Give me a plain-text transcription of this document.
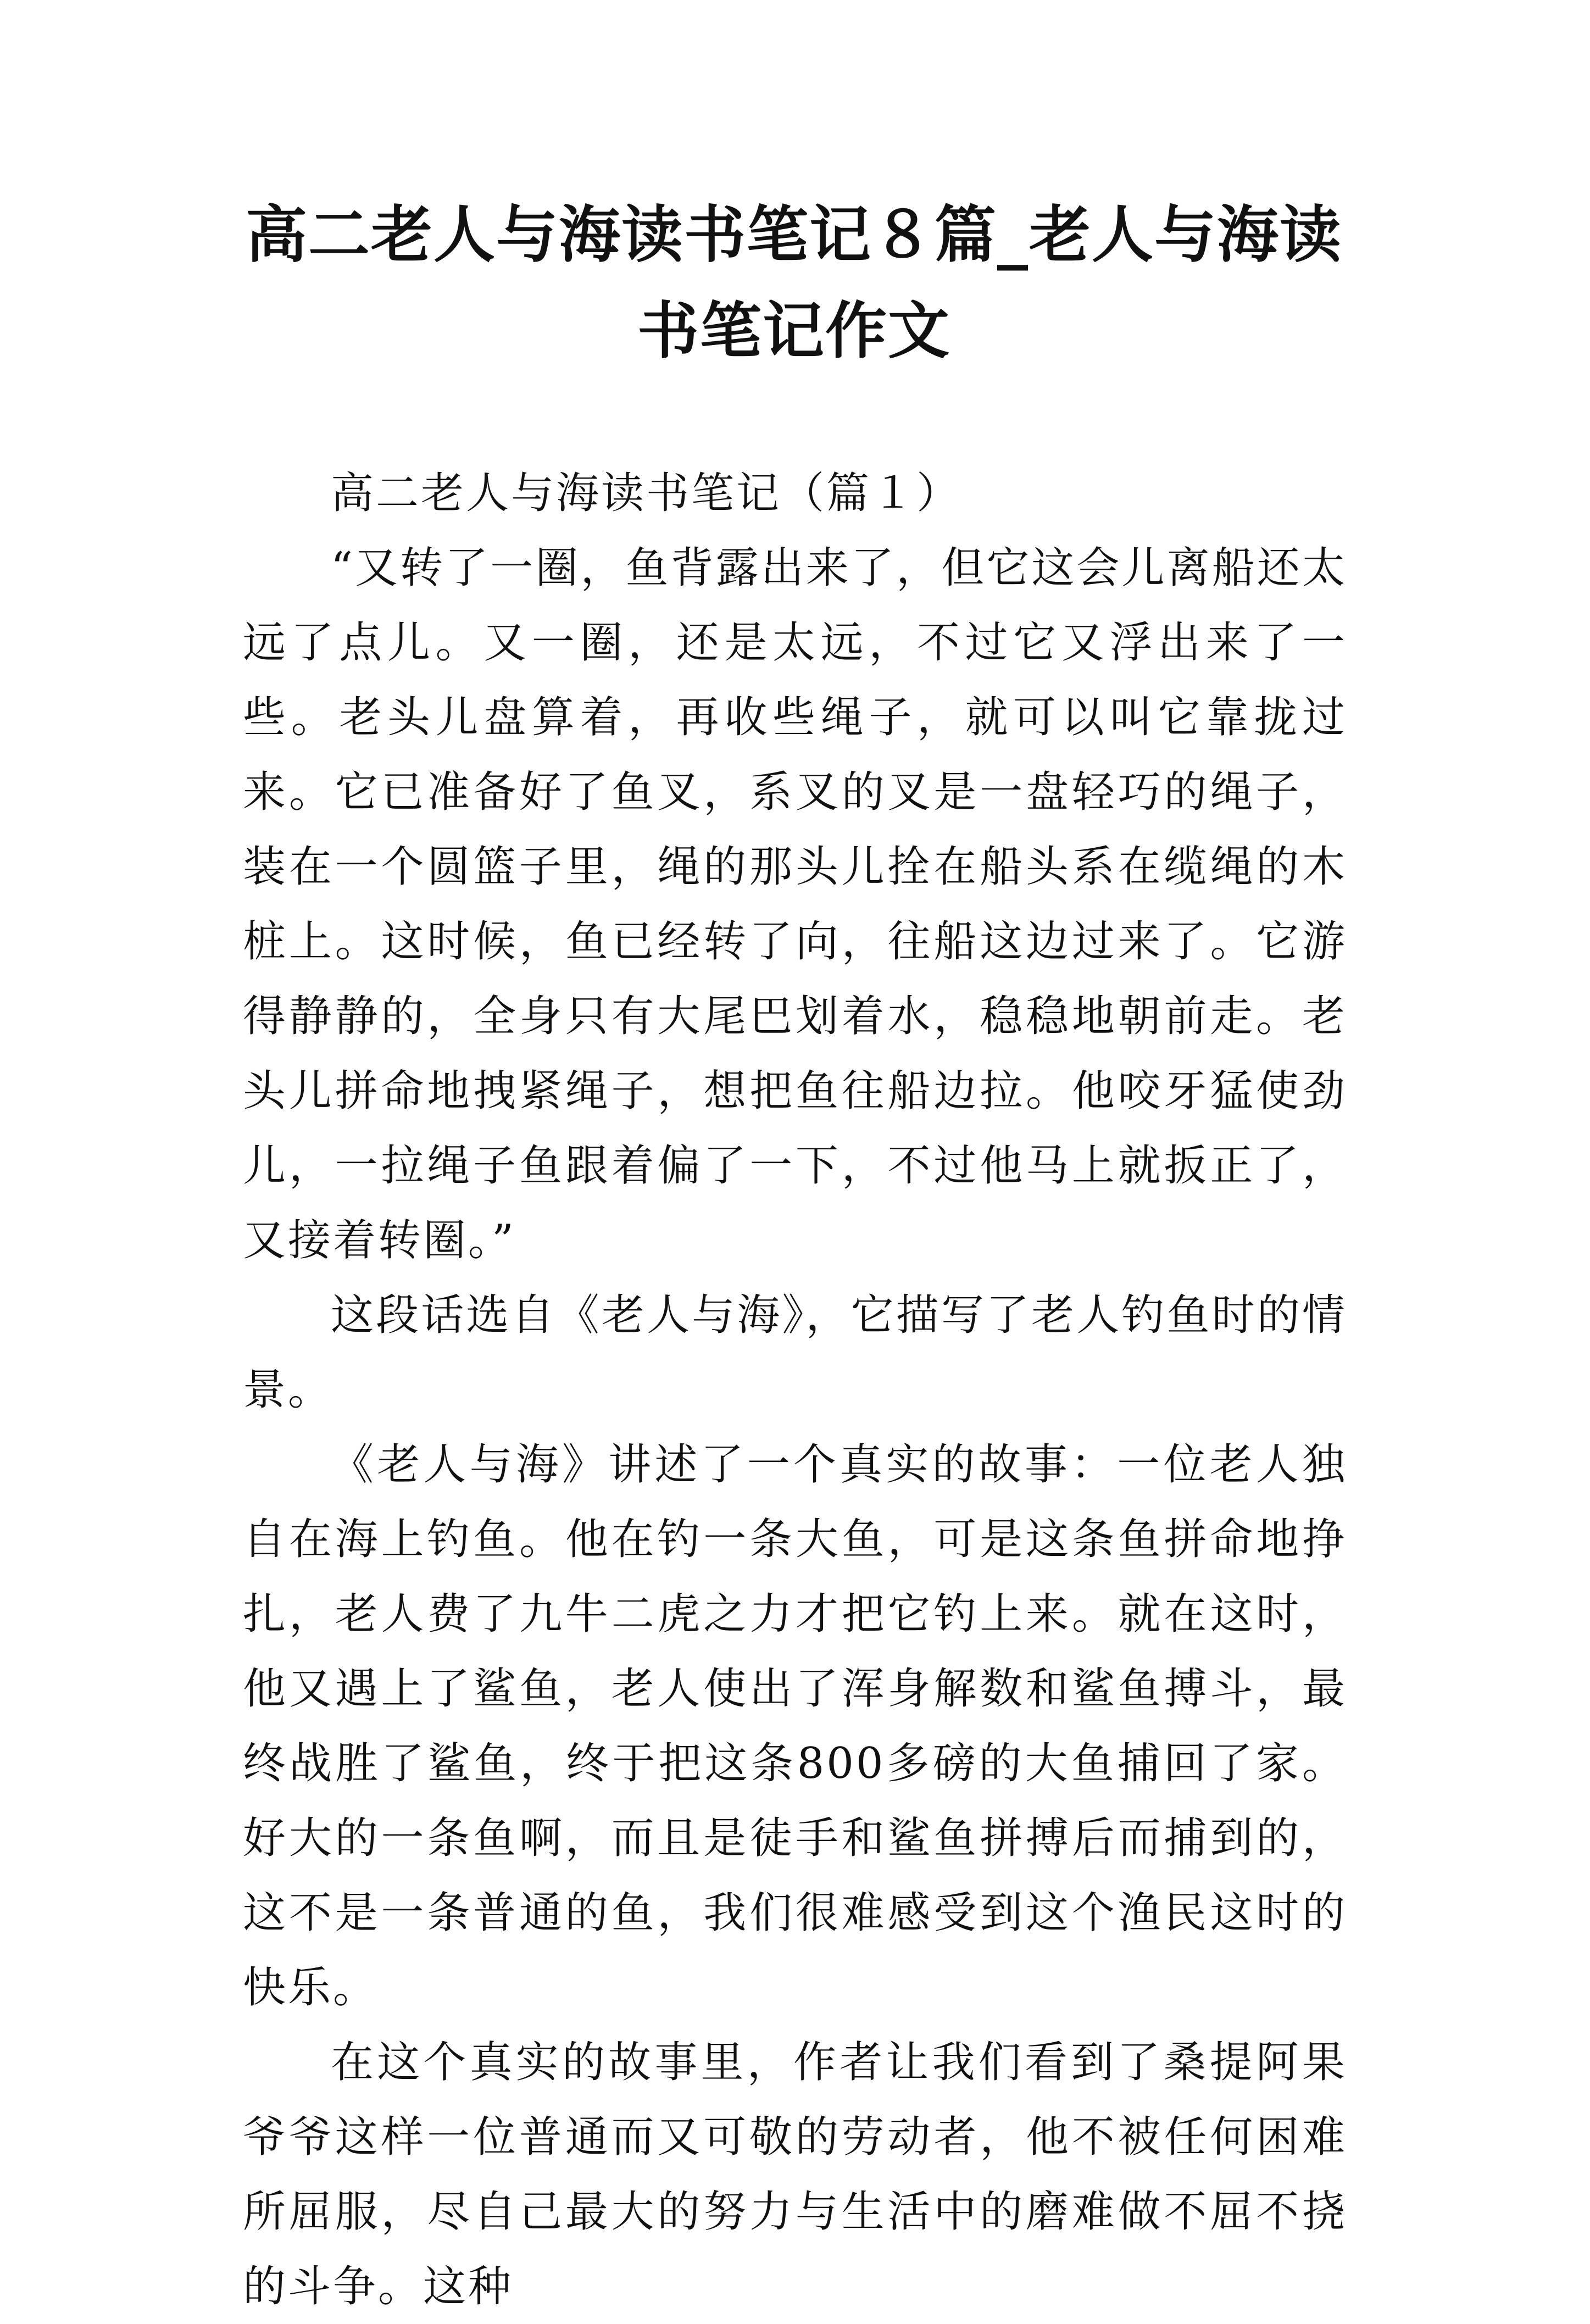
高二老人与海读书笔记８篇_老人与海读书笔记作文

高二老人与海读书笔记（篇１）

“又转了一圈，鱼背露出来了，但它这会儿离船还太远了点儿。又一圈，还是太远，不过它又浮出来了一些。老头儿盘算着，再收些绳子，就可以叫它靠拢过来。它已准备好了鱼叉，系叉的叉是一盘轻巧的绳子，装在一个圆篮子里，绳的那头儿拴在船头系在缆绳的木桩上。这时候，鱼已经转了向，往船这边过来了。它游得静静的，全身只有大尾巴划着水，稳稳地朝前走。老头儿拼命地拽紧绳子，想把鱼往船边拉。他咬牙猛使劲儿，一拉绳子鱼跟着偏了一下，不过他马上就扳正了，又接着转圈。”

这段话选自《老人与海》，它描写了老人钓鱼时的情景。

《老人与海》讲述了一个真实的故事：一位老人独自在海上钓鱼。他在钓一条大鱼，可是这条鱼拼命地挣扎，老人费了九牛二虎之力才把它钓上来。就在这时，他又遇上了鲨鱼，老人使出了浑身解数和鲨鱼搏斗，最终战胜了鲨鱼，终于把这条800多磅的大鱼捕回了家。好大的一条鱼啊，而且是徒手和鲨鱼拼搏后而捕到的，这不是一条普通的鱼，我们很难感受到这个渔民这时的快乐。

在这个真实的故事里，作者让我们看到了桑提阿果爷爷这样一位普通而又可敬的劳动者，他不被任何困难所屈服，尽自己最大的努力与生活中的磨难做不屈不挠的斗争。这种
